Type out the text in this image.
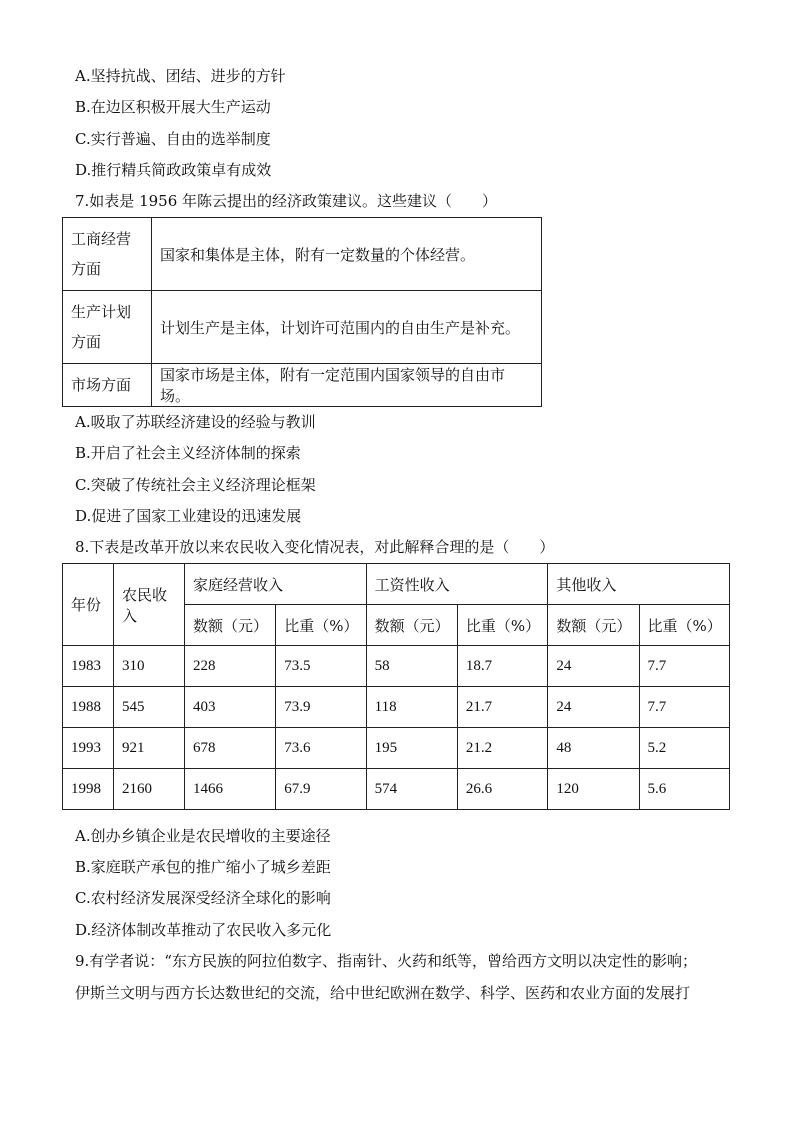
A.坚持抗战、团结、进步的方针
B.在边区积极开展大生产运动
C.实行普遍、自由的选举制度
D.推行精兵简政政策卓有成效
7.如表是 1956 年陈云提出的经济政策建议。这些建议（　　）
工商经营
方面	国家和集体是主体，附有一定数量的个体经营。

生产计划
方面	计划生产是主体，计划许可范围内的自由生产是补充。
市场方面	国家市场是主体，附有一定范围内国家领导的自由市场。
A.吸取了苏联经济建设的经验与教训
B.开启了社会主义经济体制的探索
C.突破了传统社会主义经济理论框架
D.促进了国家工业建设的迅速发展
8.下表是改革开放以来农民收入变化情况表，对此解释合理的是（　　）
年份	农民收
入	家庭经营收入		工资性收入		其他收入	
		数额（元）	比重（%）	数额（元）	比重（%）	数额（元）	比重（%）
1983	310	228	73.5	58	18.7	24	7.7
1988	545	403	73.9	118	21.7	24	7.7
1993	921	678	73.6	195	21.2	48	5.2
1998	2160	1466	67.9	574	26.6	120	5.6
A.创办乡镇企业是农民增收的主要途径
B.家庭联产承包的推广缩小了城乡差距
C.农村经济发展深受经济全球化的影响
D.经济体制改革推动了农民收入多元化
9.有学者说：“东方民族的阿拉伯数字、指南针、火药和纸等，曾给西方文明以决定性的影响；
伊斯兰文明与西方长达数世纪的交流，给中世纪欧洲在数学、科学、医药和农业方面的发展打
